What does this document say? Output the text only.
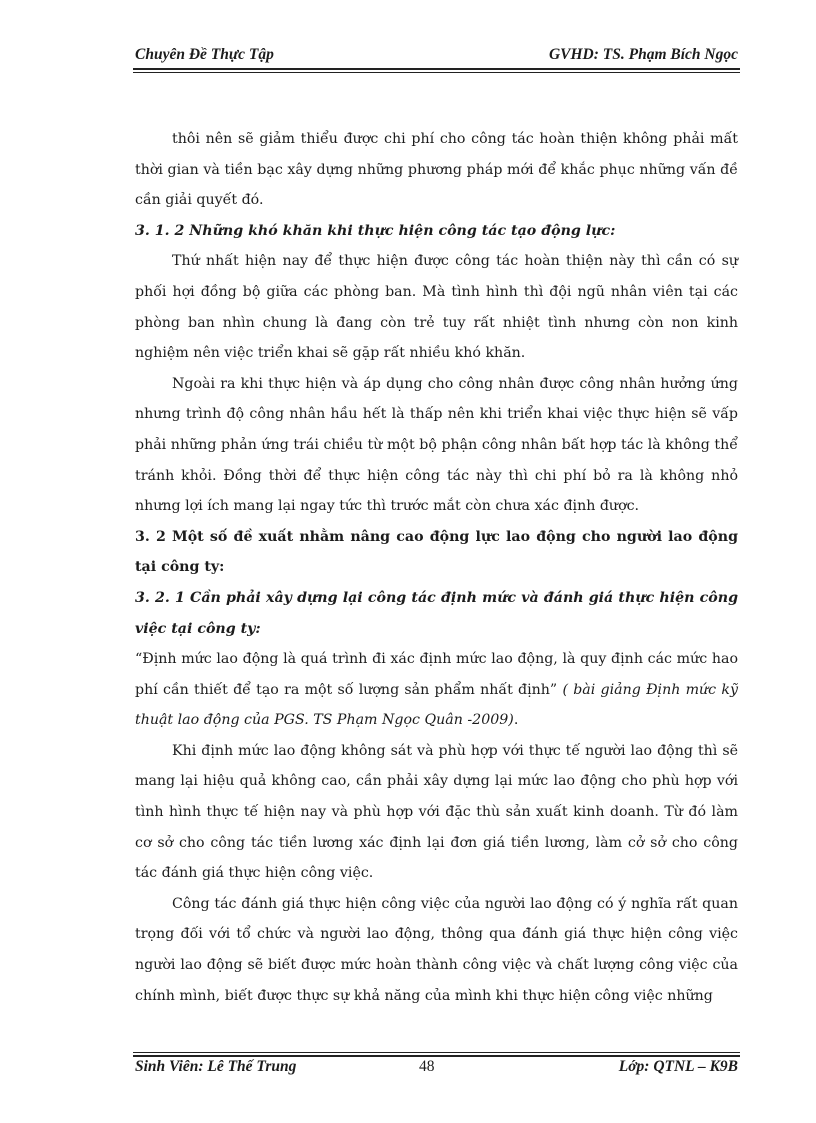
Chuyên Đề Thực Tập	GVHD: TS. Phạm Bích Ngọc

thôi nên sẽ giảm thiểu được chi phí cho công tác hoàn thiện không phải mất thời gian và tiền bạc xây dựng những phương pháp mới để khắc phục những vấn đề cần giải quyết đó.

3. 1. 2 Những khó khăn khi thực hiện công tác tạo động lực:

Thứ nhất hiện nay để thực hiện được công tác hoàn thiện này thì cần có sự phối hợi đồng bộ giữa các phòng ban. Mà tình hình thì đội ngũ nhân viên tại các phòng ban nhìn chung là đang còn trẻ tuy rất nhiệt tình nhưng còn non kinh nghiệm nên việc triển khai sẽ gặp rất nhiều khó khăn.

Ngoài ra khi thực hiện và áp dụng cho công nhân được công nhân hưởng ứng nhưng trình độ công nhân hầu hết là thấp nên khi triển khai việc thực hiện sẽ vấp phải những phản ứng trái chiều từ một bộ phận công nhân bất hợp tác là không thể tránh khỏi. Đồng thời để thực hiện công tác này thì chi phí bỏ ra là không nhỏ nhưng lợi ích mang lại ngay tức thì trước mắt còn chưa xác định được.

3. 2 Một số đề xuất nhằm nâng cao động lực lao động cho người lao động tại công ty:

3. 2. 1 Cần phải xây dựng lại công tác định mức và đánh giá thực hiện công việc tại công ty:

“Định mức lao động là quá trình đi xác định mức lao động, là quy định các mức hao phí cần thiết để tạo ra một số lượng sản phẩm nhất định” ( bài giảng Định mức kỹ thuật lao động của PGS. TS Phạm Ngọc Quân -2009).

Khi định mức lao động không sát và phù hợp với thực tế người lao động thì sẽ mang lại hiệu quả không cao, cần phải xây dựng lại mức lao động cho phù hợp với tình hình thực tế hiện nay và phù hợp với đặc thù sản xuất kinh doanh. Từ đó làm cơ sở cho công tác tiền lương xác định lại đơn giá tiền lương, làm cở sở cho công tác đánh giá thực hiện công việc.

Công tác đánh giá thực hiện công việc của người lao động có ý nghĩa rất quan trọng đối với tổ chức và người lao động, thông qua đánh giá thực hiện công việc người lao động sẽ biết được mức hoàn thành công việc và chất lượng công việc của chính mình, biết được thực sự khả năng của mình khi thực hiện công việc những

Sinh Viên: Lê Thế Trung	48	Lớp: QTNL – K9B
